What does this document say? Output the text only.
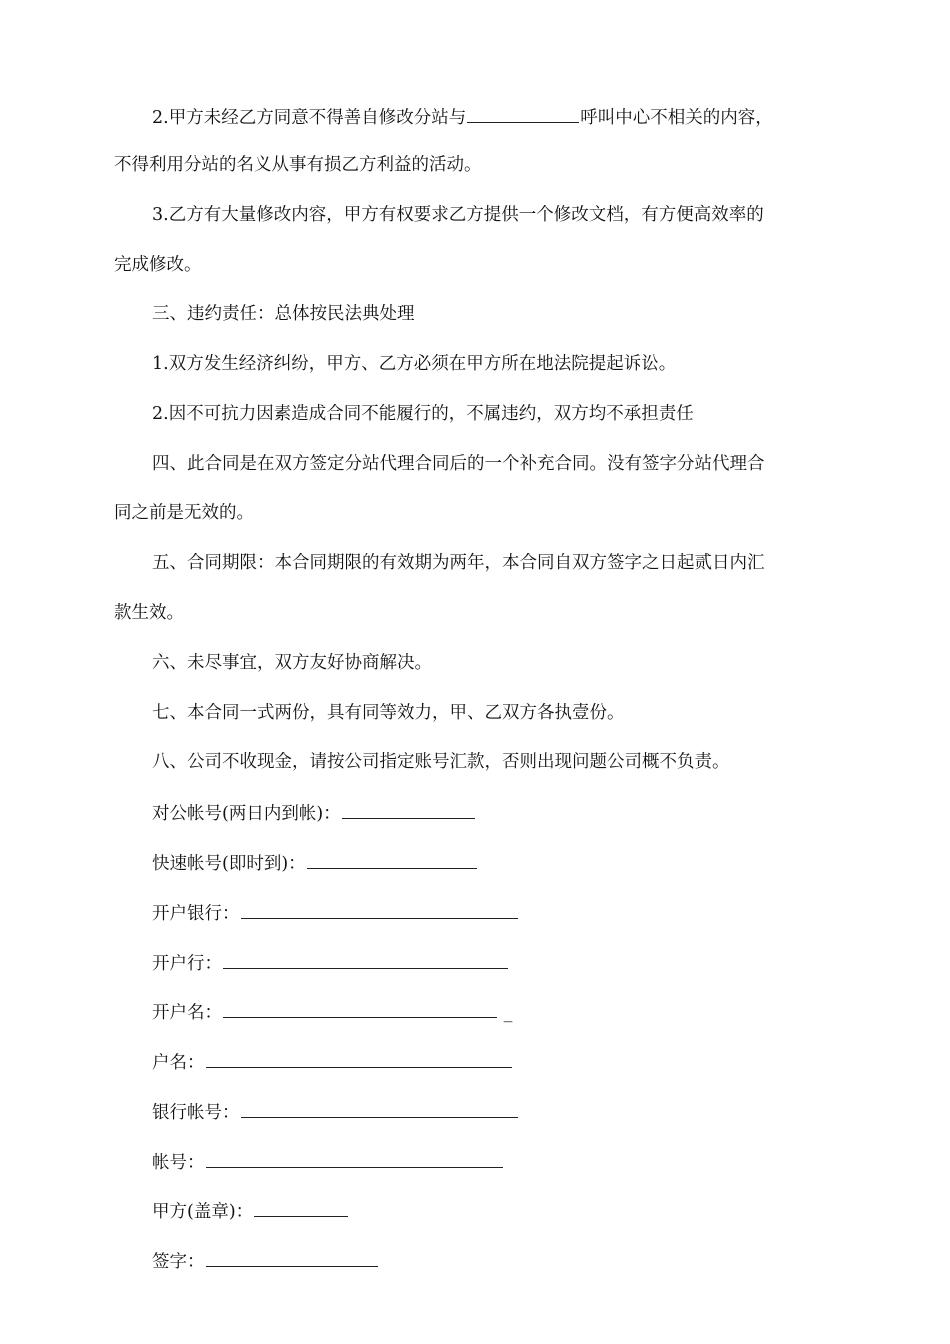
2.甲方未经乙方同意不得善自修改分站与	呼叫中心不相关的内容，
不得利用分站的名义从事有损乙方利益的活动。
3.乙方有大量修改内容，甲方有权要求乙方提供一个修改文档，有方便高效率的
完成修改。
三、违约责任：总体按民法典处理
1.双方发生经济纠纷，甲方、乙方必须在甲方所在地法院提起诉讼。
2.因不可抗力因素造成合同不能履行的，不属违约，双方均不承担责任
四、此合同是在双方签定分站代理合同后的一个补充合同。没有签字分站代理合
同之前是无效的。
五、合同期限：本合同期限的有效期为两年，本合同自双方签字之日起贰日内汇
款生效。
六、未尽事宜，双方友好协商解决。
七、本合同一式两份，具有同等效力，甲、乙双方各执壹份。
八、公司不收现金，请按公司指定账号汇款，否则出现问题公司概不负责。
对公帐号(两日内到帐)：
快速帐号(即时到)：
开户银行：
开户行：
开户名：	_
户名：
银行帐号：
帐号：
甲方(盖章)：
签字：
